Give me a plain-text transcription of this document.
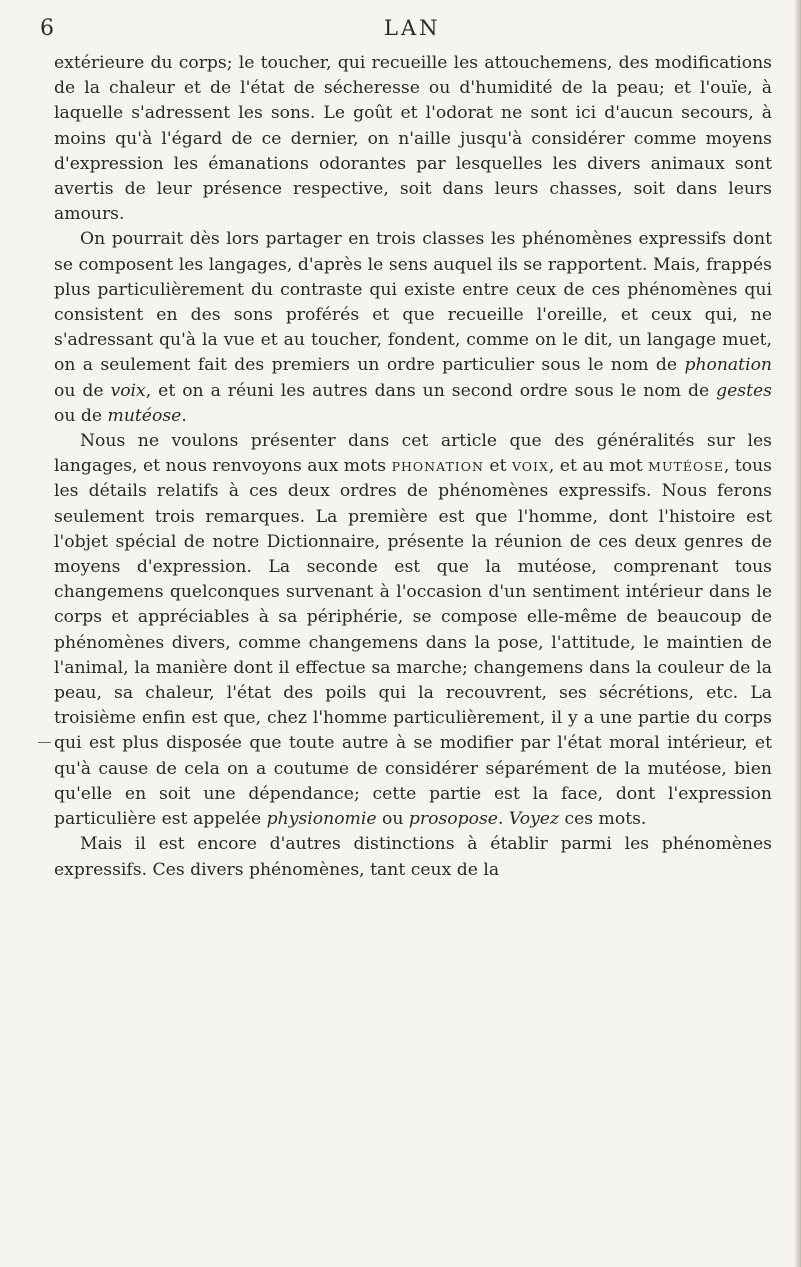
6	LAN

extérieure du corps; le toucher, qui recueille les attouchemens, des modifications de la chaleur et de l'état de sécheresse ou d'humidité de la peau; et l'ouïe, à laquelle s'adressent les sons. Le goût et l'odorat ne sont ici d'aucun secours, à moins qu'à l'égard de ce dernier, on n'aille jusqu'à considérer comme moyens d'expression les émanations odorantes par lesquelles les divers animaux sont avertis de leur présence respective, soit dans leurs chasses, soit dans leurs amours.

On pourrait dès lors partager en trois classes les phénomènes expressifs dont se composent les langages, d'après le sens auquel ils se rapportent. Mais, frappés plus particulièrement du contraste qui existe entre ceux de ces phénomènes qui consistent en des sons proférés et que recueille l'oreille, et ceux qui, ne s'adressant qu'à la vue et au toucher, fondent, comme on le dit, un langage muet, on a seulement fait des premiers un ordre particulier sous le nom de phonation ou de voix, et on a réuni les autres dans un second ordre sous le nom de gestes ou de mutéose.

Nous ne voulons présenter dans cet article que des généralités sur les langages, et nous renvoyons aux mots PHONATION et VOIX, et au mot MUTÉOSE, tous les détails relatifs à ces deux ordres de phénomènes expressifs. Nous ferons seulement trois remarques. La première est que l'homme, dont l'histoire est l'objet spécial de notre Dictionnaire, présente la réunion de ces deux genres de moyens d'expression. La seconde est que la mutéose, comprenant tous changemens quelconques survenant à l'occasion d'un sentiment intérieur dans le corps et appréciables à sa périphérie, se compose elle-même de beaucoup de phénomènes divers, comme changemens dans la pose, l'attitude, le maintien de l'animal, la manière dont il effectue sa marche; changemens dans la couleur de la peau, sa chaleur, l'état des poils qui la recouvrent, ses sécrétions, etc. La troisième enfin est que, chez l'homme particulièrement, il y a une partie du corps qui est plus disposée que toute autre à se modifier par l'état moral intérieur, et qu'à cause de cela on a coutume de considérer séparément de la mutéose, bien qu'elle en soit une dépendance; cette partie est la face, dont l'expression particulière est appelée physionomie ou prosopose. Voyez ces mots.

Mais il est encore d'autres distinctions à établir parmi les phénomènes expressifs. Ces divers phénomènes, tant ceux de la
